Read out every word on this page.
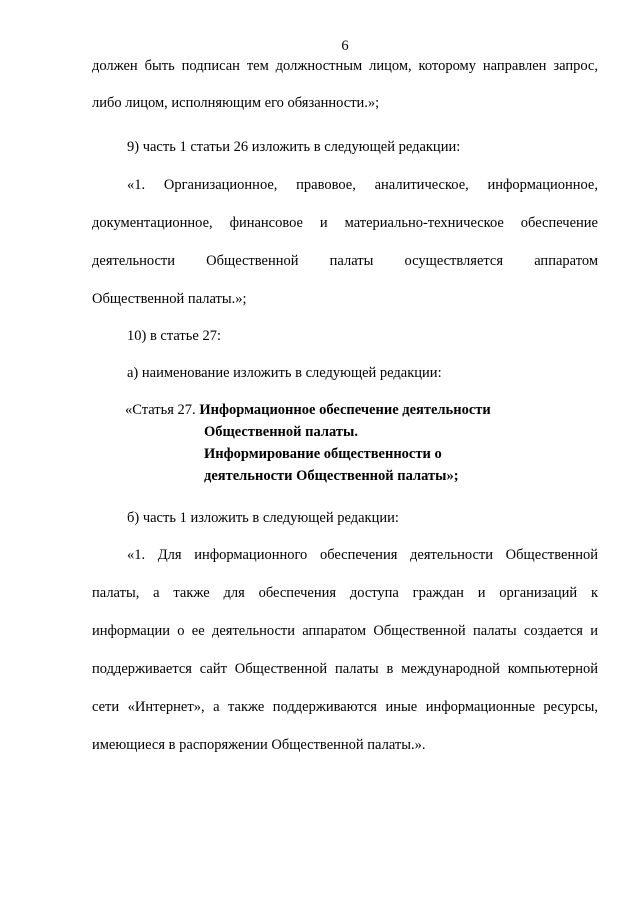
6
должен быть подписан тем должностным лицом, которому направлен запрос,
либо лицом, исполняющим его обязанности.»;
9) часть 1 статьи 26 изложить в следующей редакции:
«1. Организационное, правовое, аналитическое, информационное,
документационное, финансовое и материально-техническое обеспечение
деятельности Общественной палаты осуществляется аппаратом
Общественной палаты.»;
10) в статье 27:
а) наименование изложить в следующей редакции:
«Статья 27. Информационное обеспечение деятельности
Общественной палаты.
Информирование общественности о
деятельности Общественной палаты»;
б) часть 1 изложить в следующей редакции:
«1. Для информационного обеспечения деятельности Общественной
палаты, а также для обеспечения доступа граждан и организаций к
информации о ее деятельности аппаратом Общественной палаты создается и
поддерживается сайт Общественной палаты в международной компьютерной
сети «Интернет», а также поддерживаются иные информационные ресурсы,
имеющиеся в распоряжении Общественной палаты.».
